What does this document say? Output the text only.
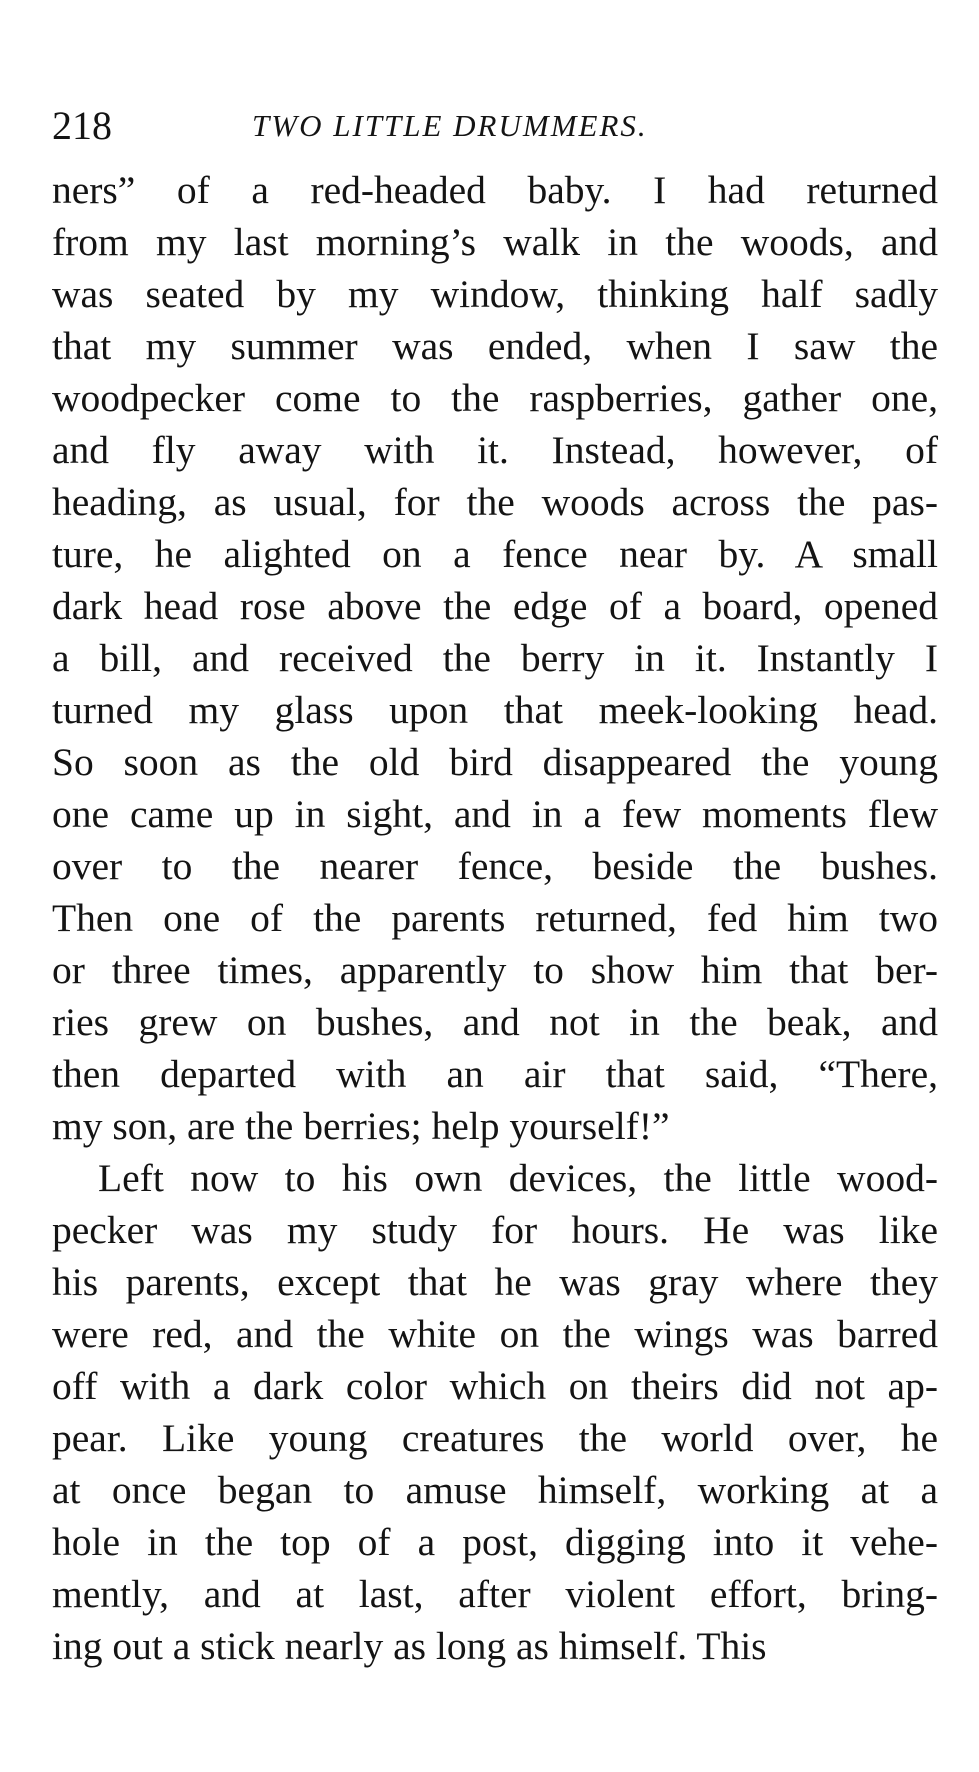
218	TWO LITTLE DRUMMERS.
ners” of a red-headed baby. I had returned
from my last morning’s walk in the woods, and
was seated by my window, thinking half sadly
that my summer was ended, when I saw the
woodpecker come to the raspberries, gather one,
and fly away with it. Instead, however, of
heading, as usual, for the woods across the pas-
ture, he alighted on a fence near by. A small
dark head rose above the edge of a board, opened
a bill, and received the berry in it. Instantly I
turned my glass upon that meek-looking head.
So soon as the old bird disappeared the young
one came up in sight, and in a few moments flew
over to the nearer fence, beside the bushes.
Then one of the parents returned, fed him two
or three times, apparently to show him that ber-
ries grew on bushes, and not in the beak, and
then departed with an air that said, “There,
my son, are the berries; help yourself!”
Left now to his own devices, the little wood-
pecker was my study for hours. He was like
his parents, except that he was gray where they
were red, and the white on the wings was barred
off with a dark color which on theirs did not ap-
pear. Like young creatures the world over, he
at once began to amuse himself, working at a
hole in the top of a post, digging into it vehe-
mently, and at last, after violent effort, bring-
ing out a stick nearly as long as himself. This
